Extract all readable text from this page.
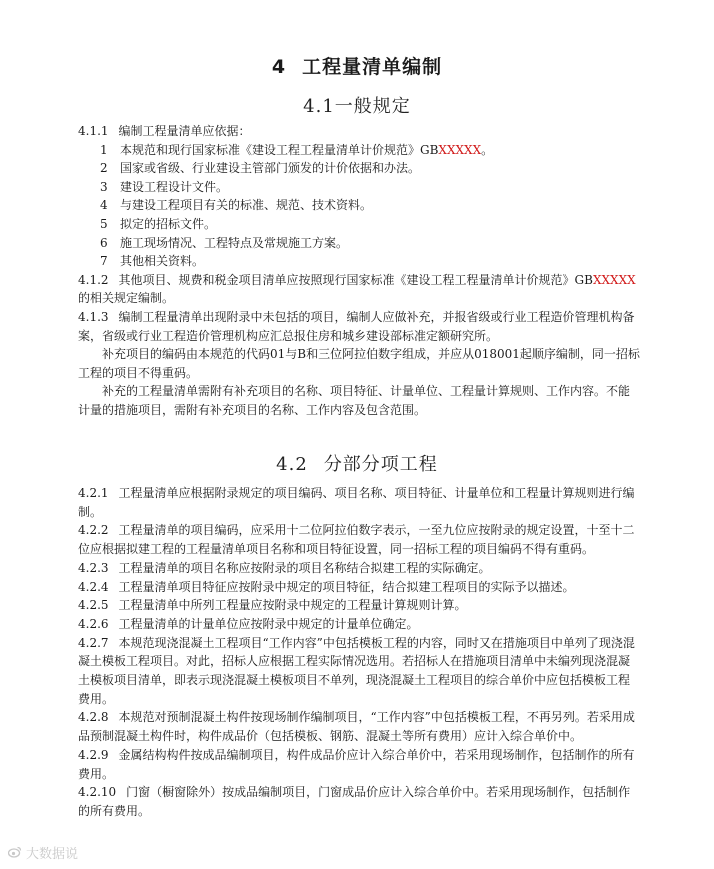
4 工程量清单编制
4.1一般规定

4.1.1 编制工程量清单应依据：

1 本规范和现行国家标准《建设工程工程量清单计价规范》GBXXXXX。

2 国家或省级、行业建设主管部门颁发的计价依据和办法。

3 建设工程设计文件。

4 与建设工程项目有关的标准、规范、技术资料。

5 拟定的招标文件。

6 施工现场情况、工程特点及常规施工方案。

7 其他相关资料。

4.1.2 其他项目、规费和税金项目清单应按照现行国家标准《建设工程工程量清单计价规范》GBXXXXX的相关规定编制。

4.1.3 编制工程量清单出现附录中未包括的项目，编制人应做补充，并报省级或行业工程造价管理机构备案，省级或行业工程造价管理机构应汇总报住房和城乡建设部标准定额研究所。

补充项目的编码由本规范的代码01与B和三位阿拉伯数字组成，并应从018001起顺序编制，同一招标工程的项目不得重码。

补充的工程量清单需附有补充项目的名称、项目特征、计量单位、工程量计算规则、工作内容。不能计量的措施项目，需附有补充项目的名称、工作内容及包含范围。

4.2 分部分项工程

4.2.1 工程量清单应根据附录规定的项目编码、项目名称、项目特征、计量单位和工程量计算规则进行编制。

4.2.2 工程量清单的项目编码，应采用十二位阿拉伯数字表示，一至九位应按附录的规定设置，十至十二位应根据拟建工程的工程量清单项目名称和项目特征设置，同一招标工程的项目编码不得有重码。

4.2.3 工程量清单的项目名称应按附录的项目名称结合拟建工程的实际确定。

4.2.4 工程量清单项目特征应按附录中规定的项目特征，结合拟建工程项目的实际予以描述。

4.2.5 工程量清单中所列工程量应按附录中规定的工程量计算规则计算。

4.2.6 工程量清单的计量单位应按附录中规定的计量单位确定。

4.2.7 本规范现浇混凝土工程项目“工作内容”中包括模板工程的内容，同时又在措施项目中单列了现浇混凝土模板工程项目。对此，招标人应根据工程实际情况选用。若招标人在措施项目清单中未编列现浇混凝土模板项目清单，即表示现浇混凝土模板项目不单列，现浇混凝土工程项目的综合单价中应包括模板工程费用。

4.2.8 本规范对预制混凝土构件按现场制作编制项目，“工作内容”中包括模板工程，不再另列。若采用成品预制混凝土构件时，构件成品价（包括模板、钢筋、混凝土等所有费用）应计入综合单价中。

4.2.9 金属结构构件按成品编制项目，构件成品价应计入综合单价中，若采用现场制作，包括制作的所有费用。

4.2.10 门窗（橱窗除外）按成品编制项目，门窗成品价应计入综合单价中。若采用现场制作，包括制作的所有费用。

大数据说
